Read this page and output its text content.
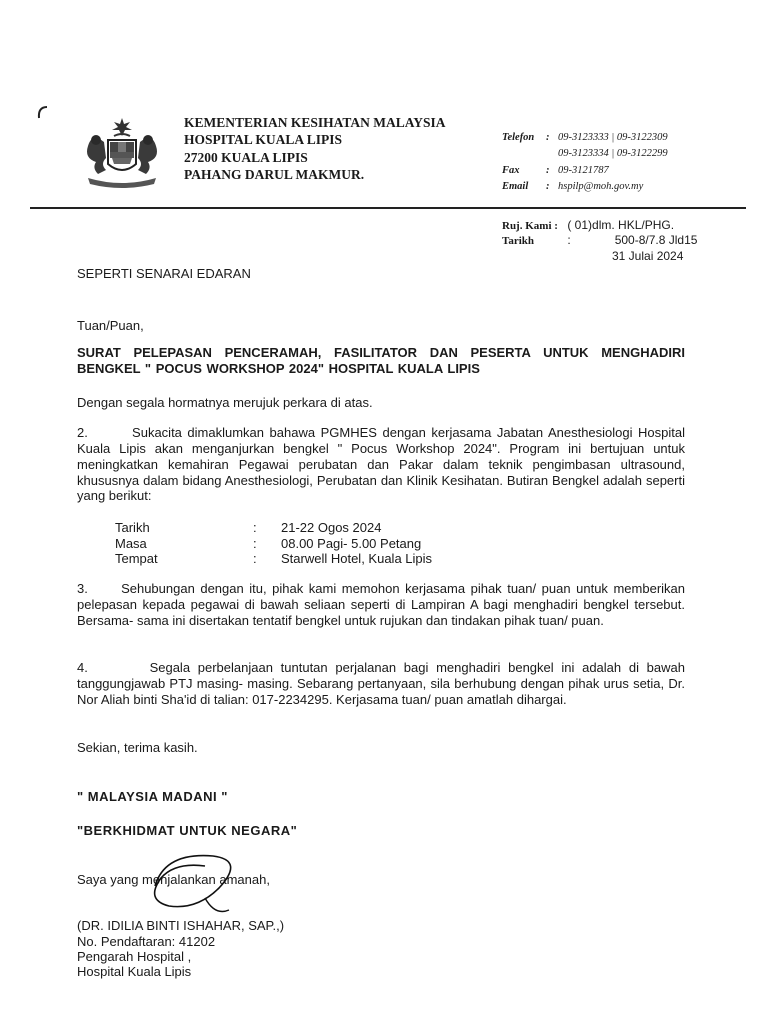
KEMENTERIAN KESIHATAN MALAYSIA
HOSPITAL KUALA LIPIS
27200 KUALA LIPIS
PAHANG DARUL MAKMUR.
Telefon	: 09-3123333 | 09-3122309
09-3123334 | 09-3122299
Fax	: 09-3121787
Email	: hspilp@moh.gov.my
Ruj. Kami : ( 01)dlm. HKL/PHG.
Tarikh	:	500-8/7.8 Jld15
31 Julai 2024
SEPERTI SENARAI EDARAN
Tuan/Puan,
SURAT PELEPASAN PENCERAMAH, FASILITATOR DAN PESERTA UNTUK MENGHADIRI BENGKEL " POCUS WORKSHOP 2024" HOSPITAL KUALA LIPIS
Dengan segala hormatnya merujuk perkara di atas.
2.        Sukacita dimaklumkan bahawa PGMHES dengan kerjasama Jabatan Anesthesiologi Hospital Kuala Lipis akan menganjurkan bengkel " Pocus Workshop 2024". Program ini bertujuan untuk meningkatkan kemahiran Pegawai perubatan dan Pakar dalam teknik pengimbasan ultrasound, khususnya dalam bidang Anesthesiologi, Perubatan dan Klinik Kesihatan. Butiran Bengkel adalah seperti yang berikut:
Tarikh	:	21-22 Ogos 2024
Masa	:	08.00 Pagi- 5.00 Petang
Tempat	:	Starwell Hotel, Kuala Lipis
3.      Sehubungan dengan itu, pihak kami memohon kerjasama pihak tuan/ puan untuk memberikan pelepasan kepada pegawai di bawah seliaan seperti di Lampiran A bagi menghadiri bengkel tersebut. Bersama- sama ini disertakan tentatif bengkel untuk rujukan dan tindakan pihak tuan/ puan.
4.        Segala perbelanjaan tuntutan perjalanan bagi menghadiri bengkel ini adalah di bawah tanggungjawab PTJ masing- masing. Sebarang pertanyaan, sila berhubung dengan pihak urus setia, Dr. Nor Aliah binti Sha'id di talian: 017-2234295. Kerjasama tuan/ puan amatlah dihargai.
Sekian, terima kasih.
" MALAYSIA MADANI "
"BERKHIDMAT UNTUK NEGARA"
Saya yang menjalankan amanah,
(DR. IDILIA BINTI ISHAHAR, SAP.,)
No. Pendaftaran: 41202
Pengarah Hospital ,
Hospital Kuala Lipis
